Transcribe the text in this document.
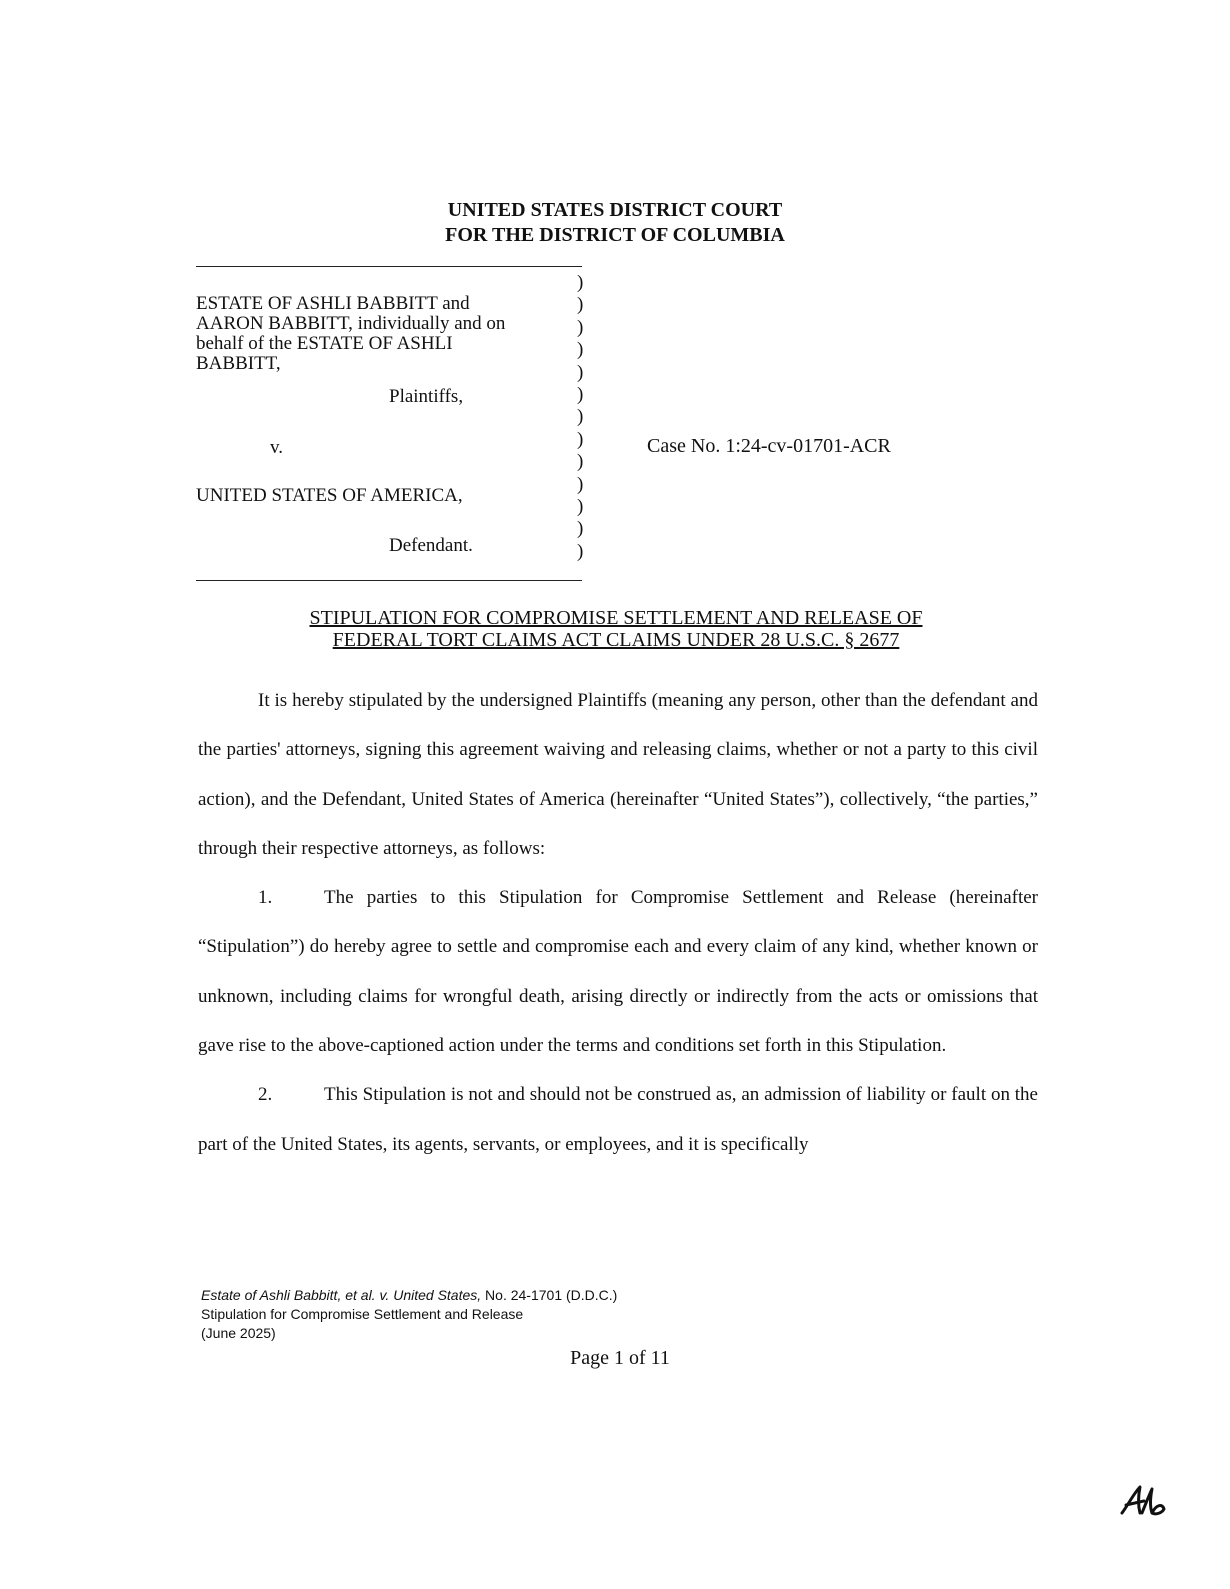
UNITED STATES DISTRICT COURT
FOR THE DISTRICT OF COLUMBIA
)
)
)
)
)
)
)
)
)
)
)
)
)
ESTATE OF ASHLI BABBITT and
AARON BABBITT, individually and on
behalf of the ESTATE OF ASHLI
BABBITT,
Plaintiffs,
v.
UNITED STATES OF AMERICA,
Defendant.
Case No. 1:24-cv-01701-ACR
STIPULATION FOR COMPROMISE SETTLEMENT AND RELEASE OF
FEDERAL TORT CLAIMS ACT CLAIMS UNDER 28 U.S.C. § 2677

It is hereby stipulated by the undersigned Plaintiffs (meaning any person, other than the defendant and the parties' attorneys, signing this agreement waiving and releasing claims, whether or not a party to this civil action), and the Defendant, United States of America (hereinafter “United States”), collectively, “the parties,” through their respective attorneys, as follows:

1.	The parties to this Stipulation for Compromise Settlement and Release (hereinafter “Stipulation”) do hereby agree to settle and compromise each and every claim of any kind, whether known or unknown, including claims for wrongful death, arising directly or indirectly from the acts or omissions that gave rise to the above-captioned action under the terms and conditions set forth in this Stipulation.

2.	This Stipulation is not and should not be construed as, an admission of liability or fault on the part of the United States, its agents, servants, or employees, and it is specifically

Estate of Ashli Babbitt, et al. v. United States, No. 24-1701 (D.D.C.)
Stipulation for Compromise Settlement and Release
(June 2025)
Page 1 of 11
